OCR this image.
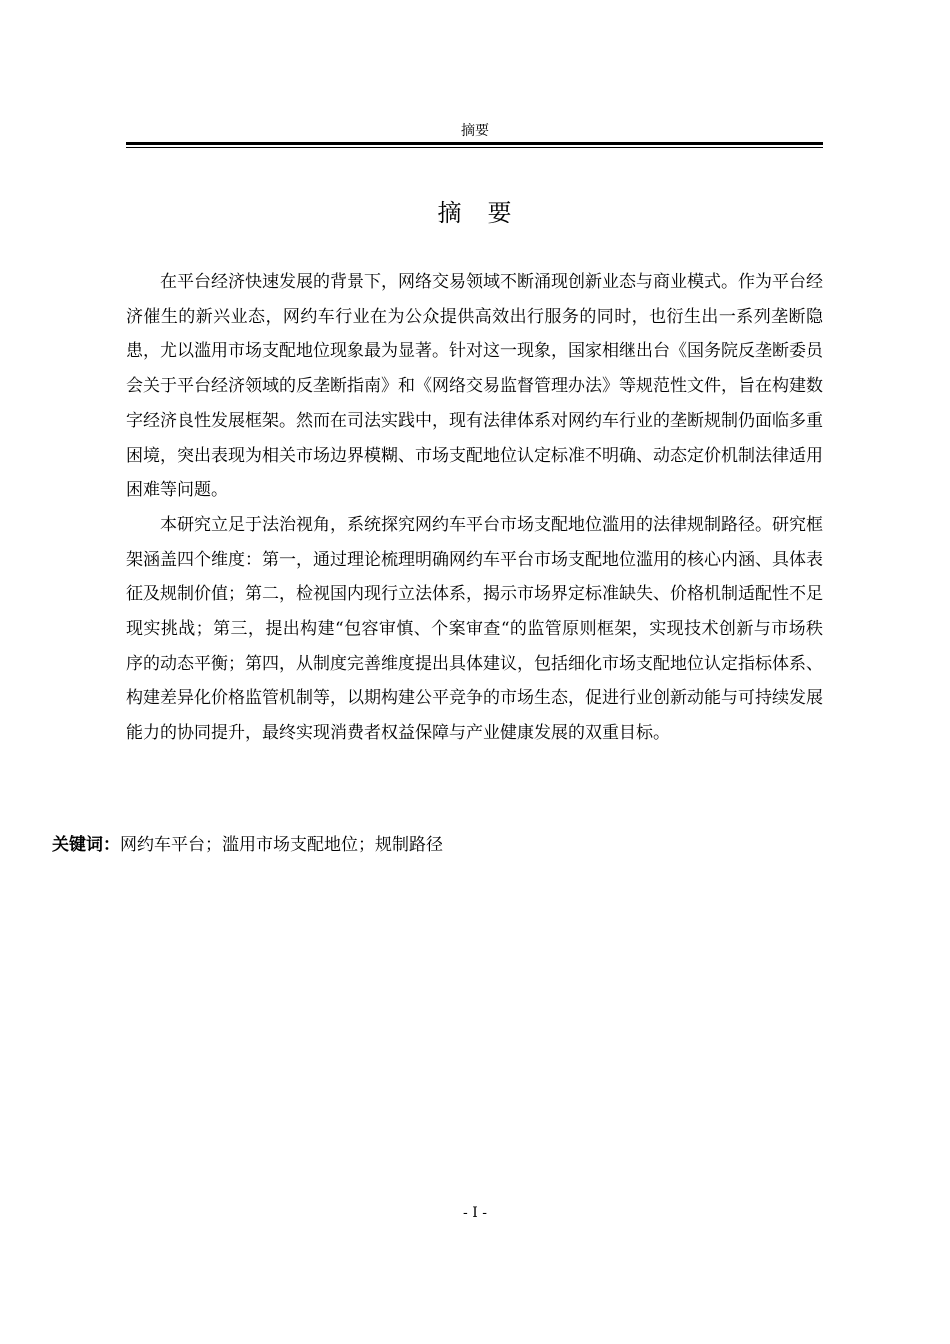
摘要
摘　要

在平台经济快速发展的背景下，网络交易领域不断涌现创新业态与商业模式。作为平台经济催生的新兴业态，网约车行业在为公众提供高效出行服务的同时，也衍生出一系列垄断隐患，尤以滥用市场支配地位现象最为显著。针对这一现象，国家相继出台《国务院反垄断委员会关于平台经济领域的反垄断指南》和《网络交易监督管理办法》等规范性文件，旨在构建数字经济良性发展框架。然而在司法实践中，现有法律体系对网约车行业的垄断规制仍面临多重困境，突出表现为相关市场边界模糊、市场支配地位认定标准不明确、动态定价机制法律适用困难等问题。

本研究立足于法治视角，系统探究网约车平台市场支配地位滥用的法律规制路径。研究框架涵盖四个维度：第一，通过理论梳理明确网约车平台市场支配地位滥用的核心内涵、具体表征及规制价值；第二，检视国内现行立法体系，揭示市场界定标准缺失、价格机制适配性不足现实挑战；第三，提出构建“包容审慎、个案审查“的监管原则框架，实现技术创新与市场秩序的动态平衡；第四，从制度完善维度提出具体建议，包括细化市场支配地位认定指标体系、构建差异化价格监管机制等，以期构建公平竞争的市场生态，促进行业创新动能与可持续发展能力的协同提升，最终实现消费者权益保障与产业健康发展的双重目标。

关键词：网约车平台；滥用市场支配地位；规制路径
- I -
